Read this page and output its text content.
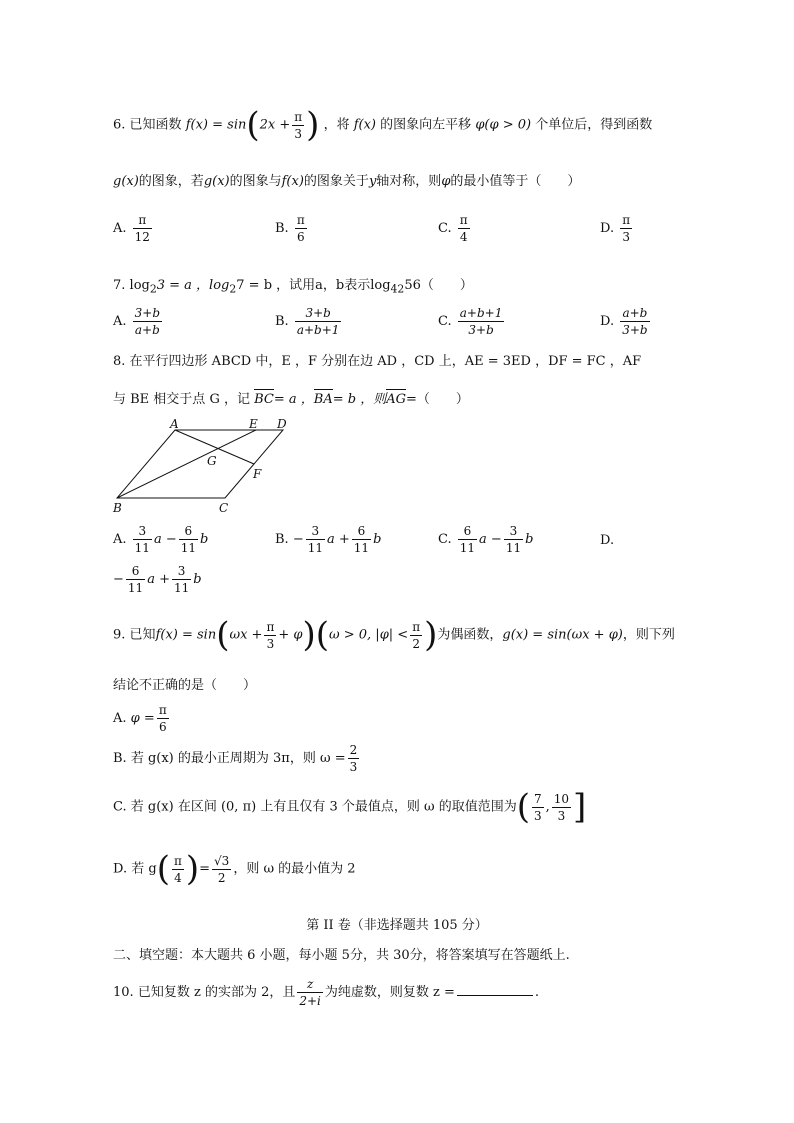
6. 已知函数 $f(x) = \sin(2x + \frac{\pi}{3}$ ) ，将 f(x) 的图象向左平移 φ(φ > 0) 个单位后，得到函数
g(x)的图象，若g(x)的图象与f(x)的图象关于y轴对称，则φ的最小值等于（　　）
A. $\frac{\pi}{12}$	B. $\frac{\pi}{6}$	C. $\frac{\pi}{4}$	D. $\frac{\pi}{3}$
7. $\log_23 = a$ ，$\log_27 = b$ ，试用a，b表示$\log_{42}56$（　　）
A. $\frac{3+b}{a+b}$	B. $\frac{3+b}{a+b+1}$	C. $\frac{a+b+1}{3+b}$	D. $\frac{a+b}{3+b}$
8. 在平行四边形 ABCD 中，E ，F 分别在边 AD ，CD 上，AE = 3ED ，DF = FC ，AF
与 BE 相交于点 G ，记 BC= a ，BA= b ，则AG=（　　）
A	E D
G
F
B	C
A. $\frac{3}{11}$ $a - \frac{6}{11}$ b	B. − $\frac{3}{11}$ $a + \frac{6}{11}$ b	C. $\frac{6}{11}$ $a - \frac{3}{11}$ b	D.
− $\frac{6}{11}$ $a + \frac{3}{11}$ b
9. 已知$f(x) = \sin(\omega x + \frac{\pi}{3} + \varphi)(\omega > 0$, $|\varphi| < \frac{\pi}{2}$ )为偶函数，g(x) = sin(ωx + φ)，则下列
结论不正确的是（　　）
A. $\varphi = \frac{\pi}{6}$
B. 若 g(x) 的最小正周期为 3π，则 $\omega = \frac{2}{3}$
C. 若 g(x) 在区间 (0, π) 上有且仅有 3 个最值点，则 ω 的取值范围为( $\frac{7}{3}$ , $\frac{10}{3}$ ]
D. 若 $g( \frac{\pi}{4}$ )= $\frac{√3}{2}$ ，则 ω 的最小值为 2
第 II 卷（非选择题共 105 分）
二、填空题：本大题共 6 小题，每小题 5分，共 30分，将答案填写在答题纸上.
10. 已知复数 z 的实部为 2，且 $\frac{z}{2+i}$ 为纯虚数，则复数 z =	.
